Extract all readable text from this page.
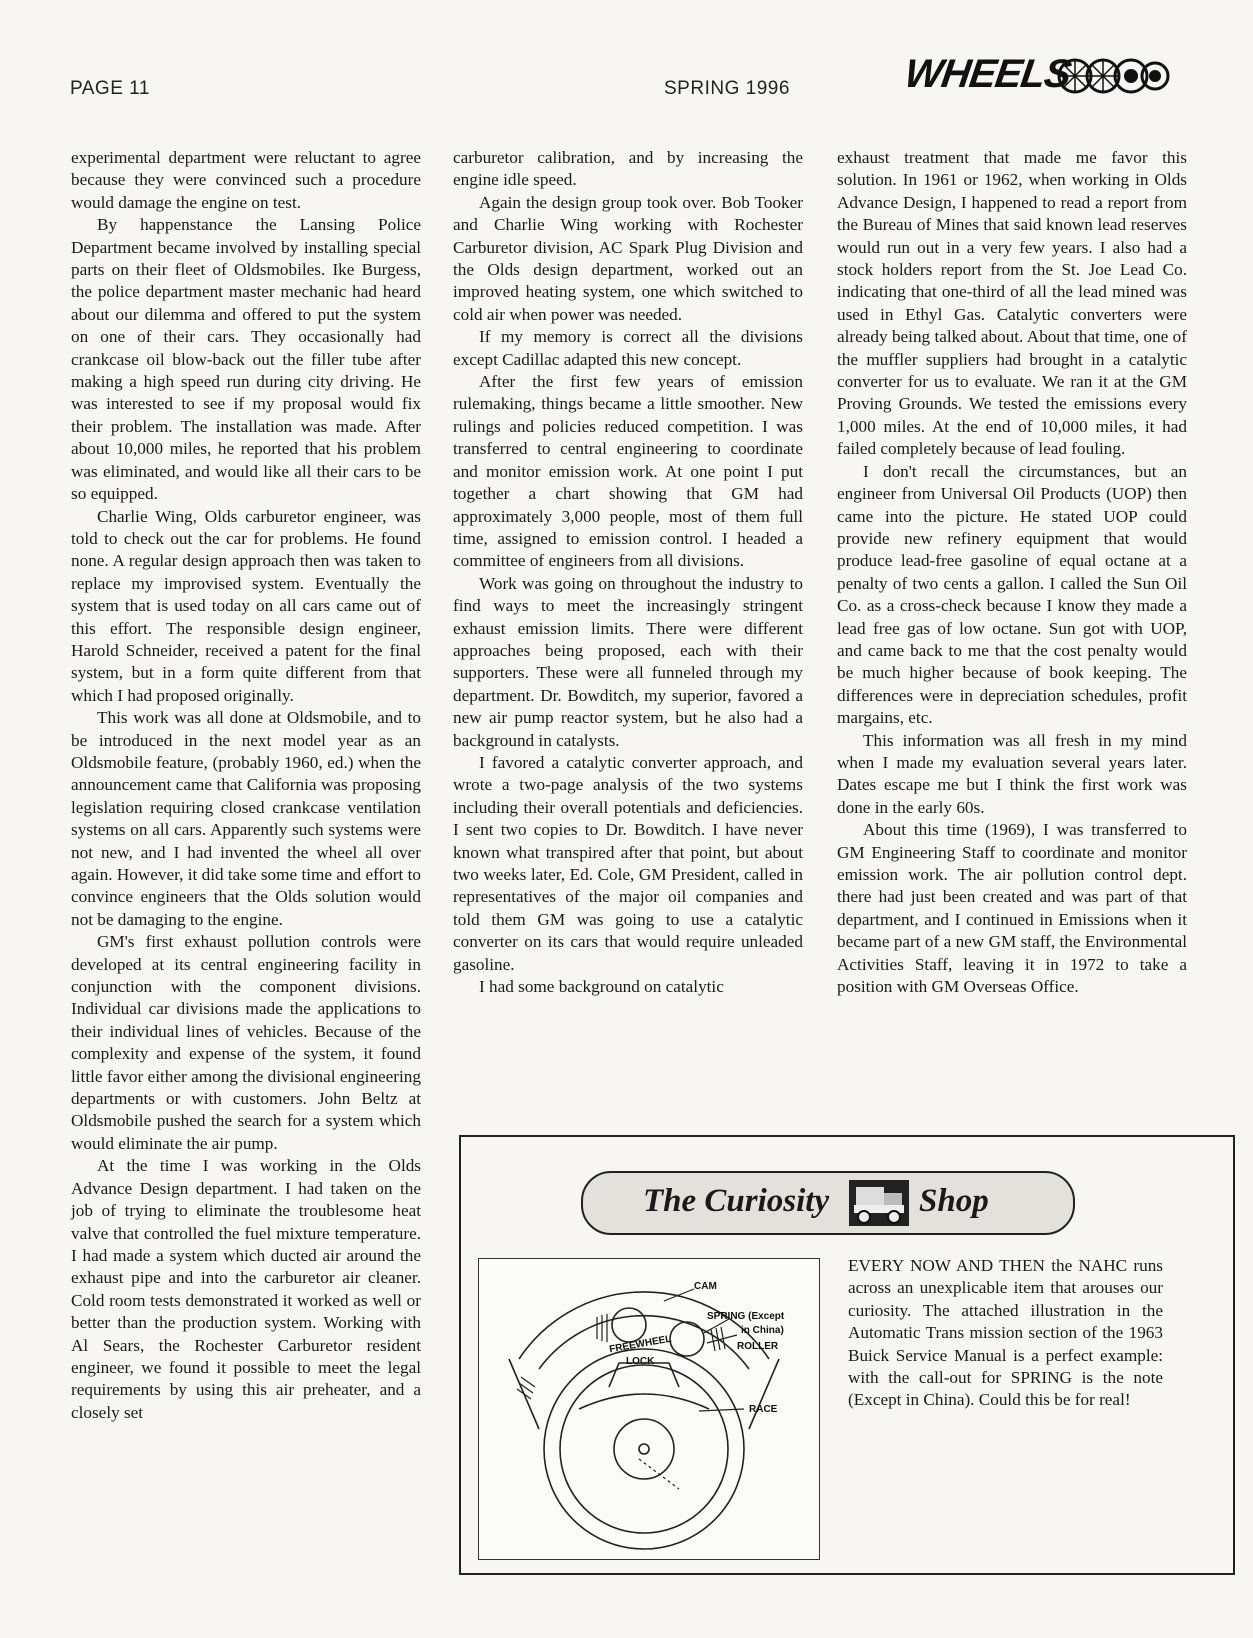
PAGE 11	SPRING 1996	WHEELS

experimental department were reluctant to agree because they were convinced such a procedure would damage the engine on test.

By happenstance the Lansing Police Department became involved by installing special parts on their fleet of Oldsmobiles. Ike Burgess, the police department master mechanic had heard about our dilemma and offered to put the system on one of their cars. They occasionally had crankcase oil blow-back out the filler tube after making a high speed run during city driving. He was interested to see if my proposal would fix their problem. The installation was made. After about 10,000 miles, he reported that his problem was eliminated, and would like all their cars to be so equipped.

Charlie Wing, Olds carburetor engineer, was told to check out the car for problems. He found none. A regular design approach then was taken to replace my improvised system. Eventually the system that is used today on all cars came out of this effort. The responsible design engineer, Harold Schneider, received a patent for the final system, but in a form quite different from that which I had proposed originally.

This work was all done at Oldsmobile, and to be introduced in the next model year as an Oldsmobile feature, (probably 1960, ed.) when the announcement came that California was proposing legislation requiring closed crankcase ventilation systems on all cars. Apparently such systems were not new, and I had invented the wheel all over again. However, it did take some time and effort to convince engineers that the Olds solution would not be damaging to the engine.

GM's first exhaust pollution controls were developed at its central engineering facility in conjunction with the component divisions. Individual car divisions made the applications to their individual lines of vehicles. Because of the complexity and expense of the system, it found little favor either among the divisional engineering departments or with customers. John Beltz at Oldsmobile pushed the search for a system which would eliminate the air pump.

At the time I was working in the Olds Advance Design department. I had taken on the job of trying to eliminate the troublesome heat valve that controlled the fuel mixture temperature. I had made a system which ducted air around the exhaust pipe and into the carburetor air cleaner. Cold room tests demonstrated it worked as well or better than the production system. Working with Al Sears, the Rochester Carburetor resident engineer, we found it possible to meet the legal requirements by using this air preheater, and a closely set

carburetor calibration, and by increasing the engine idle speed.

Again the design group took over. Bob Tooker and Charlie Wing working with Rochester Carburetor division, AC Spark Plug Division and the Olds design department, worked out an improved heating system, one which switched to cold air when power was needed.

If my memory is correct all the divisions except Cadillac adapted this new concept.

After the first few years of emission rulemaking, things became a little smoother. New rulings and policies reduced competition. I was transferred to central engineering to coordinate and monitor emission work. At one point I put together a chart showing that GM had approximately 3,000 people, most of them full time, assigned to emission control. I headed a committee of engineers from all divisions.

Work was going on throughout the industry to find ways to meet the increasingly stringent exhaust emission limits. There were different approaches being proposed, each with their supporters. These were all funneled through my department. Dr. Bowditch, my superior, favored a new air pump reactor system, but he also had a background in catalysts.

I favored a catalytic converter approach, and wrote a two-page analysis of the two systems including their overall potentials and deficiencies. I sent two copies to Dr. Bowditch. I have never known what transpired after that point, but about two weeks later, Ed. Cole, GM President, called in representatives of the major oil companies and told them GM was going to use a catalytic converter on its cars that would require unleaded gasoline.

I had some background on catalytic

exhaust treatment that made me favor this solution. In 1961 or 1962, when working in Olds Advance Design, I happened to read a report from the Bureau of Mines that said known lead reserves would run out in a very few years. I also had a stock holders report from the St. Joe Lead Co. indicating that one-third of all the lead mined was used in Ethyl Gas. Catalytic converters were already being talked about. About that time, one of the muffler suppliers had brought in a catalytic converter for us to evaluate. We ran it at the GM Proving Grounds. We tested the emissions every 1,000 miles. At the end of 10,000 miles, it had failed completely because of lead fouling.

I don't recall the circumstances, but an engineer from Universal Oil Products (UOP) then came into the picture. He stated UOP could provide new refinery equipment that would produce lead-free gasoline of equal octane at a penalty of two cents a gallon. I called the Sun Oil Co. as a cross-check because I know they made a lead free gas of low octane. Sun got with UOP, and came back to me that the cost penalty would be much higher because of book keeping. The differences were in depreciation schedules, profit margains, etc.

This information was all fresh in my mind when I made my evaluation several years later. Dates escape me but I think the first work was done in the early 60s.

About this time (1969), I was transferred to GM Engineering Staff to coordinate and monitor emission work. The air pollution control dept. there had just been created and was part of that department, and I continued in Emissions when it became part of a new GM staff, the Environmental Activities Staff, leaving it in 1972 to take a position with GM Overseas Office.

The Curiosity	Shop
CAM
SPRING (Except
in China)
ROLLER
FREEWHEEL
LOCK
RACE

EVERY NOW AND THEN the NAHC runs across an unexplicable item that arouses our curiosity. The attached illustration in the Automatic Trans mission section of the 1963 Buick Service Manual is a perfect example: with the call-out for SPRING is the note (Except in China). Could this be for real!
